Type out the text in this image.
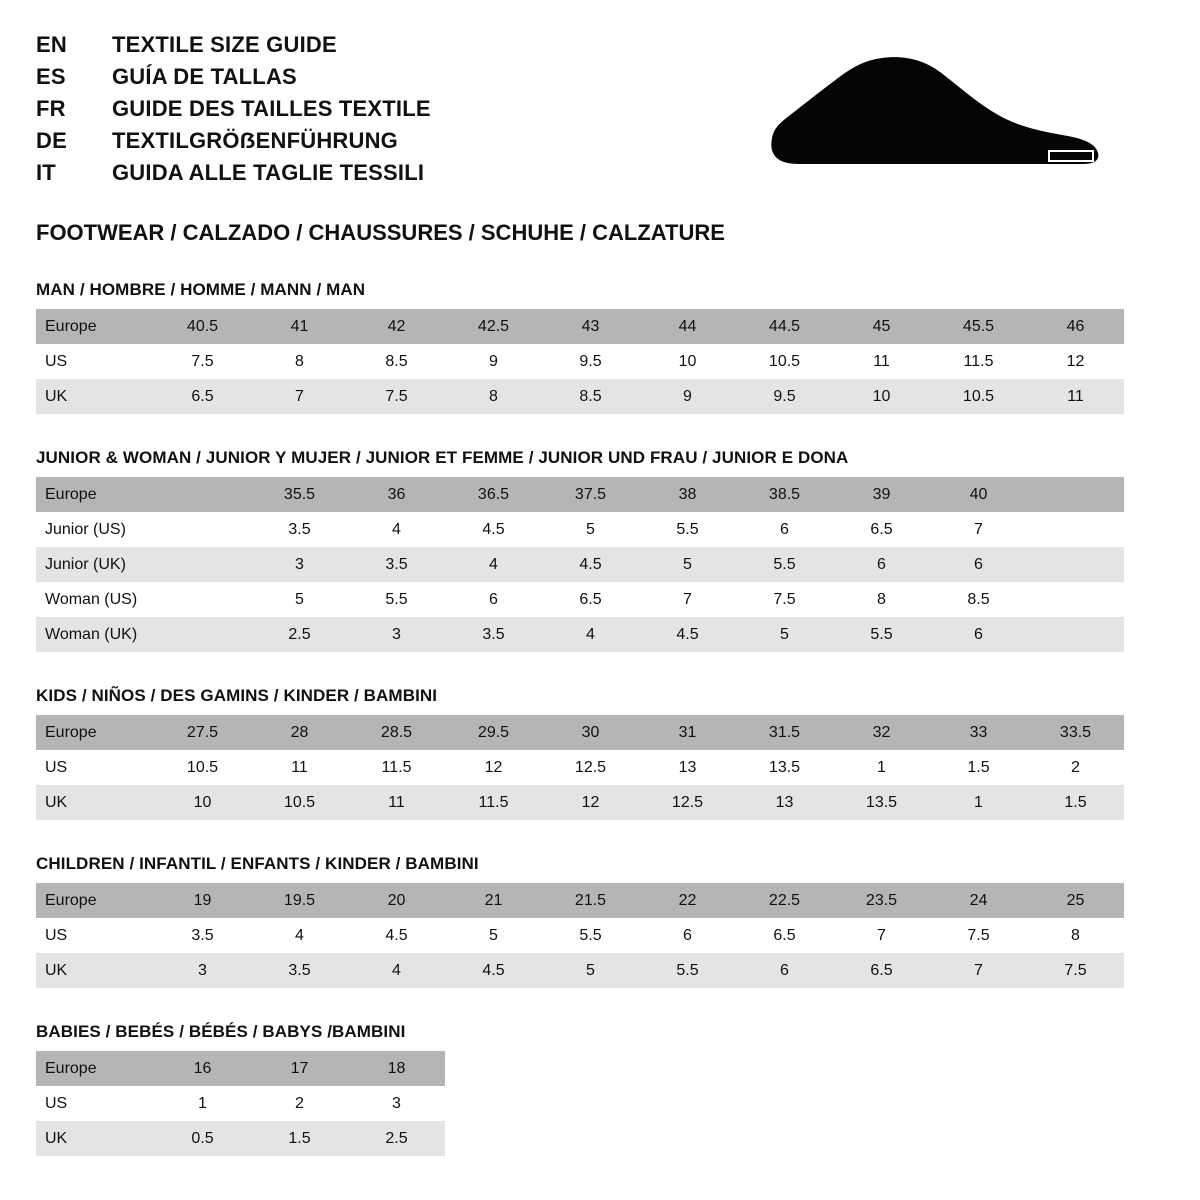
EN	TEXTILE SIZE GUIDE
ES	GUÍA DE TALLAS
FR	GUIDE DES TAILLES TEXTILE
DE	TEXTILGRÖẞENFÜHRUNG
IT	GUIDA ALLE TAGLIE TESSILI
FOOTWEAR / CALZADO / CHAUSSURES / SCHUHE / CALZATURE
MAN / HOMBRE / HOMME / MANN / MAN
Europe	40.5	41	42	42.5	43	44	44.5	45	45.5	46
US	7.5	8	8.5	9	9.5	10	10.5	11	11.5	12
UK	6.5	7	7.5	8	8.5	9	9.5	10	10.5	11
JUNIOR & WOMAN / JUNIOR Y MUJER / JUNIOR ET FEMME / JUNIOR UND FRAU / JUNIOR E DONA
Europe		35.5	36	36.5	37.5	38	38.5	39	40	
Junior (US)		3.5	4	4.5	5	5.5	6	6.5	7	
Junior (UK)		3	3.5	4	4.5	5	5.5	6	6	
Woman (US)		5	5.5	6	6.5	7	7.5	8	8.5	
Woman (UK)		2.5	3	3.5	4	4.5	5	5.5	6	
KIDS / NIÑOS / DES GAMINS / KINDER / BAMBINI
Europe	27.5	28	28.5	29.5	30	31	31.5	32	33	33.5
US	10.5	11	11.5	12	12.5	13	13.5	1	1.5	2
UK	10	10.5	11	11.5	12	12.5	13	13.5	1	1.5
CHILDREN / INFANTIL / ENFANTS / KINDER / BAMBINI
Europe	19	19.5	20	21	21.5	22	22.5	23.5	24	25
US	3.5	4	4.5	5	5.5	6	6.5	7	7.5	8
UK	3	3.5	4	4.5	5	5.5	6	6.5	7	7.5
BABIES / BEBÉS / BÉBÉS / BABYS /BAMBINI
Europe	16	17	18
US	1	2	3
UK	0.5	1.5	2.5
